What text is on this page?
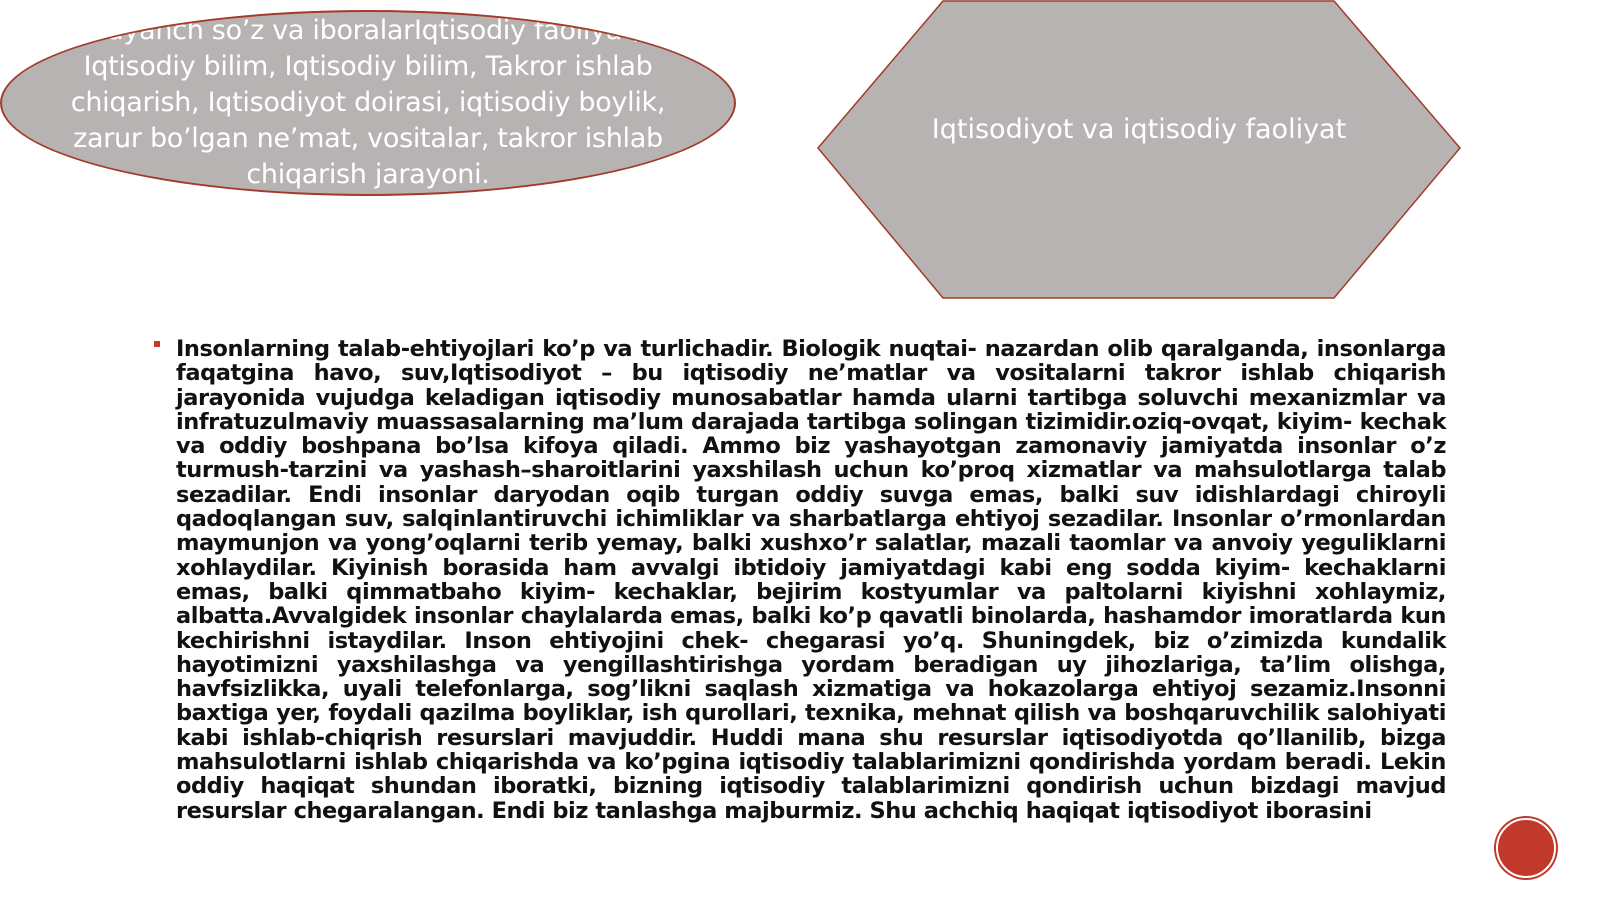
Tayanch so’z va iboralarIqtisodiy faoliyat, Iqtisodiy bilim, Iqtisodiy bilim, Takror ishlab chiqarish, Iqtisodiyot doirasi, iqtisodiy boylik, zarur bo’lgan ne’mat, vositalar, takror ishlab chiqarish jarayoni.
Iqtisodiyot va iqtisodiy faoliyat
Insonlarning talab-ehtiyojlari ko’p va turlichadir. Biologik nuqtai- nazardan olib qaralganda, insonlarga faqatgina havo, suv,Iqtisodiyot – bu iqtisodiy ne’matlar va vositalarni takror ishlab chiqarish jarayonida vujudga keladigan iqtisodiy munosabatlar hamda ularni tartibga soluvchi mexanizmlar va infratuzulmaviy muassasalarning ma’lum darajada tartibga solingan tizimidir.oziq-ovqat, kiyim- kechak va oddiy boshpana bo’lsa kifoya qiladi. Ammo biz yashayotgan zamonaviy jamiyatda insonlar o’z turmush-tarzini va yashash–sharoitlarini yaxshilash uchun ko’proq xizmatlar va mahsulotlarga talab sezadilar. Endi insonlar daryodan oqib turgan oddiy suvga emas, balki suv idishlardagi chiroyli qadoqlangan suv, salqinlantiruvchi ichimliklar va sharbatlarga ehtiyoj sezadilar. Insonlar o’rmonlardan maymunjon va yong’oqlarni terib yemay, balki xushxo’r salatlar, mazali taomlar va anvoiy yeguliklarni xohlaydilar. Kiyinish borasida ham avvalgi ibtidoiy jamiyatdagi kabi eng sodda kiyim- kechaklarni emas, balki qimmatbaho kiyim- kechaklar, bejirim kostyumlar va paltolarni kiyishni xohlaymiz, albatta.Avvalgidek insonlar chaylalarda emas, balki ko’p qavatli binolarda, hashamdor imoratlarda kun kechirishni istaydilar. Inson ehtiyojini chek- chegarasi yo’q. Shuningdek, biz o’zimizda kundalik hayotimizni yaxshilashga va yengillashtirishga yordam beradigan uy jihozlariga, ta’lim olishga, havfsizlikka, uyali telefonlarga, sog’likni saqlash xizmatiga va hokazolarga ehtiyoj sezamiz.Insonni baxtiga yer, foydali qazilma boyliklar, ish qurollari, texnika, mehnat qilish va boshqaruvchilik salohiyati kabi ishlab-chiqrish resurslari mavjuddir. Huddi mana shu resurslar iqtisodiyotda qo’llanilib, bizga mahsulotlarni ishlab chiqarishda va ko’pgina iqtisodiy talablarimizni qondirishda yordam beradi. Lekin oddiy haqiqat shundan iboratki, bizning iqtisodiy talablarimizni qondirish uchun bizdagi mavjud resurslar chegaralangan. Endi biz tanlashga majburmiz. Shu achchiq haqiqat iqtisodiyot iborasini
